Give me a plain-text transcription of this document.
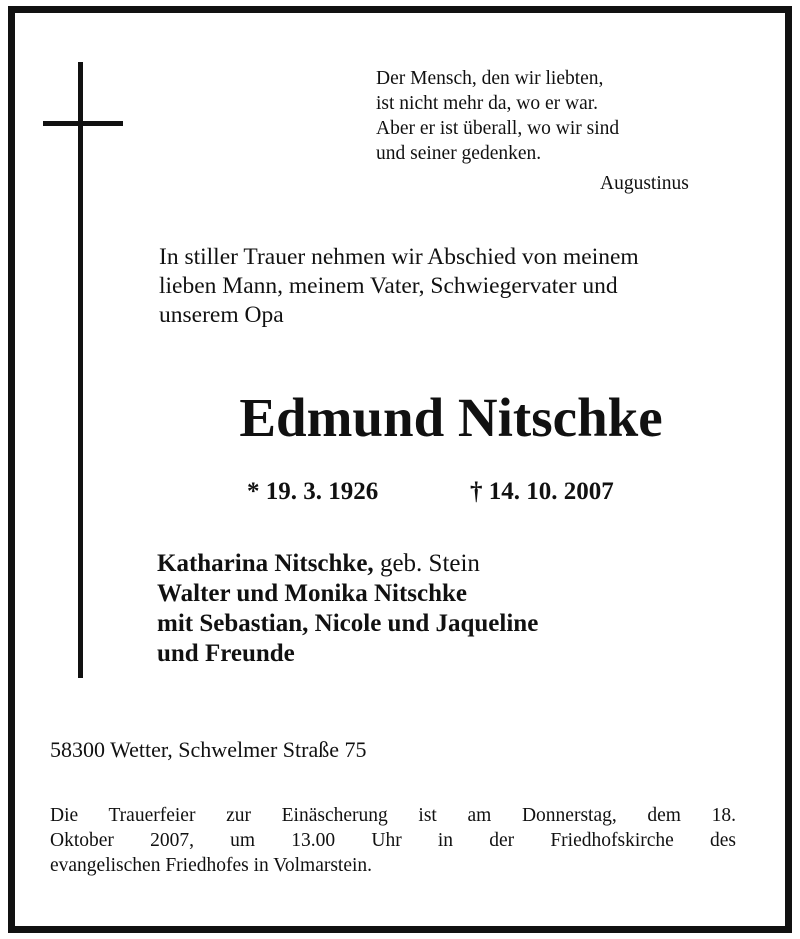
Der Mensch, den wir liebten,
ist nicht mehr da, wo er war.
Aber er ist überall, wo wir sind
und seiner gedenken.
Augustinus
In stiller Trauer nehmen wir Abschied von meinem
lieben Mann, meinem Vater, Schwiegervater und
unserem Opa
Edmund Nitschke
* 19. 3. 1926	† 14. 10. 2007
Katharina Nitschke, geb. Stein
Walter und Monika Nitschke
mit Sebastian, Nicole und Jaqueline
und Freunde
58300 Wetter, Schwelmer Straße 75
Die Trauerfeier zur Einäscherung ist am Donnerstag, dem 18.
Oktober 2007, um 13.00 Uhr in der Friedhofskirche des
evangelischen Friedhofes in Volmarstein.
